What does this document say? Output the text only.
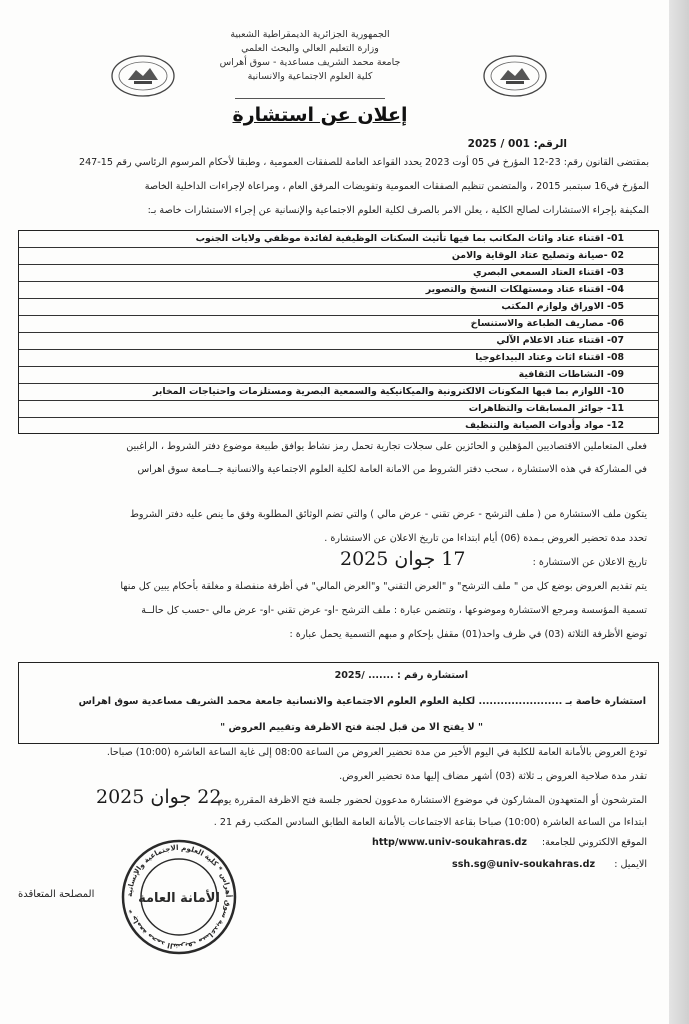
الجمهورية الجزائرية الديمقراطية الشعبية
وزارة التعليم العالي والبحث العلمي
جامعة محمد الشريف مساعدية - سوق أهراس
كلية العلوم الاجتماعية والانسانية
إعلان عن استشارة
الرقم: 001 / 2025
بمقتضى القانون رقم: 23-12 المؤرخ في 05 أوت 2023 يحدد القواعد العامة للصفقات العمومية ، وطبقا لأحكام المرسوم الرئاسي رقم 15-247
المؤرخ في16 سبتمبر 2015 ، والمتضمن تنظيم الصفقات العمومية وتفويضات المرفق العام ، ومراعاة لإجراءات الداخلية الخاصة
المكيفة بإجراء الاستشارات لصالح الكلية ، يعلن الامر بالصرف لكلية العلوم الاجتماعية والإنسانية عن إجراء الاستشارات خاصة بـ:
01- اقتناء عتاد واثاث المكاتب بما فيها تأثيث السكنات الوظيفية لفائدة موظفي ولايات الجنوب
02 -صيانة وتصليح عتاد الوقاية والامن
03- اقتناء العتاد السمعي البصري
04- اقتناء عتاد ومستهلكات النسخ والتصوير
05- الاوراق ولوازم المكتب
06- مصاريف الطباعة والاستنساخ
07- اقتناء عتاد الاعلام الآلي
08- اقتناء اثاث وعتاد البيداغوجيا
09- النشاطات الثقافية
10- اللوازم بما فيها المكونات الالكترونية والميكانيكية والسمعية البصرية ومستلزمات واحتياجات المخابر
11- جوائز المسابقات والتظاهرات
12- مواد وأدوات الصيانة والتنظيف
فعلى المتعاملين الاقتصاديين المؤهلين و الحائزين على سجلات تجارية تحمل رمز نشاط يوافق طبيعة موضوع دفتر الشروط ، الراغبين
في المشاركة في هذه الاستشارة ، سحب دفتر الشروط من الامانة العامة لكلية العلوم الاجتماعية والانسانية جـــامعة سوق اهراس
يتكون ملف الاستشارة من ( ملف الترشح - عرض تقني - عرض مالي ) والتي تضم الوثائق المطلوبة وفق ما ينص عليه دفتر الشروط
تحدد مدة تحضير العروض بـمدة (06) أيام ابتداءا من تاريخ الاعلان عن الاستشارة .
تاريخ الاعلان عن الاستشارة :
17 جوان 2025
يتم تقديم العروض بوضع كل من " ملف الترشح" و "العرض التقني" و"العرض المالي" في أظرفة منفصلة و مغلقة بأحكام يبين كل منها
تسمية المؤسسة ومرجع الاستشارة وموضوعها ، وتتضمن عبارة : ملف الترشح -او- عرض تقني -او- عرض مالي -حسب كل حالــة
توضع الأظرفة الثلاثة (03) في ظرف واحد(01) مقفل بإحكام و مبهم التسمية يحمل عبارة :
استشارة رقم : ....... /2025
استشارة خاصة بـ ....................... لكلية العلوم العلوم الاجتماعية والانسانية جامعة محمد الشريف مساعدية سوق اهراس
" لا يفتح الا من قبل لجنة فتح الاظرفة وتقييم العروض "
تودع العروض بالأمانة العامة للكلية في اليوم الأخير من مدة تحضير العروض من الساعة 08:00 إلى غاية الساعة العاشرة (10:00) صباحا.
تقدر مدة صلاحية العروض بـ ثلاثة (03) أشهر مضاف إليها مدة تحضير العروض.
المترشحون أو المتعهدون المشاركون في موضوع الاستشارة مدعوون لحضور جلسة فتح الاظرفة المقررة يوم
22 جوان 2025
ابتداءا من الساعة العاشرة (10:00) صباحا بقاعة الاجتماعات بالأمانة العامة الطابق السادس المكتب رقم 21 .
الموقع الالكتروني للجامعة:
http/www.univ-soukahras.dz
الايميل :
ssh.sg@univ-soukahras.dz
المصلحة المتعاقدة	جامعة محمد الشريف مساعدية سوق أهراس * كلية العلوم الاجتماعية والإنسانية *
الأمانة العامة
